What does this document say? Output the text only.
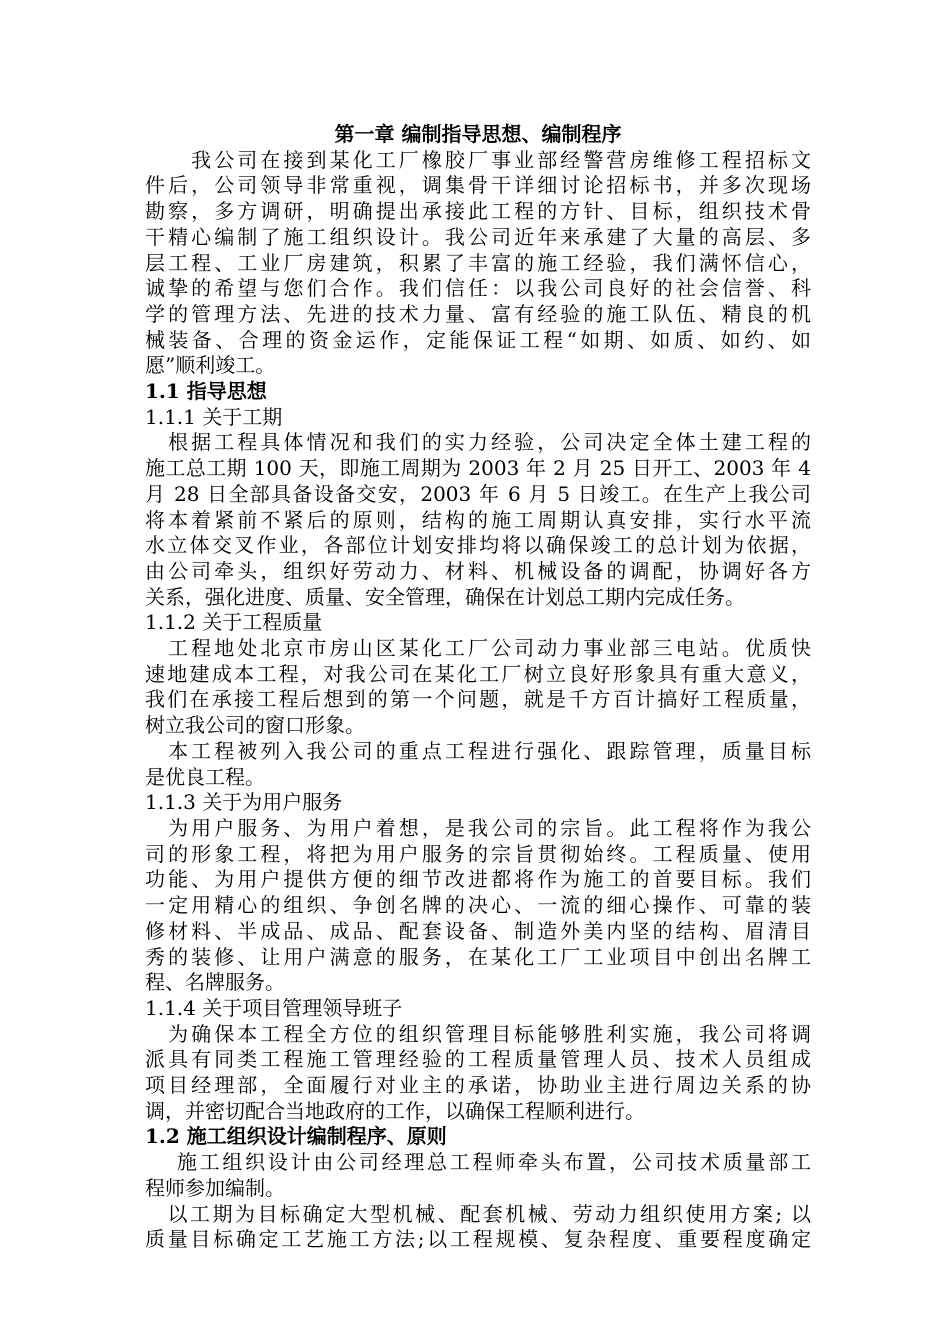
第一章 编制指导思想、编制程序
　　我公司在接到某化工厂橡胶厂事业部经警营房维修工程招标文
件后，公司领导非常重视，调集骨干详细讨论招标书，并多次现场
勘察，多方调研，明确提出承接此工程的方针、目标，组织技术骨
干精心编制了施工组织设计。我公司近年来承建了大量的高层、多
层工程、工业厂房建筑，积累了丰富的施工经验，我们满怀信心，
诚挚的希望与您们合作。我们信任：以我公司良好的社会信誉、科
学的管理方法、先进的技术力量、富有经验的施工队伍、精良的机
械装备、合理的资金运作，定能保证工程“如期、如质、如约、如
愿”顺利竣工。
1.1 指导思想
1.1.1 关于工期
　根据工程具体情况和我们的实力经验，公司决定全体土建工程的
施工总工期 100 天，即施工周期为 2003 年 2 月 25 日开工、2003 年 4
月 28 日全部具备设备交安，2003 年 6 月 5 日竣工。在生产上我公司
将本着紧前不紧后的原则，结构的施工周期认真安排，实行水平流
水立体交叉作业，各部位计划安排均将以确保竣工的总计划为依据，
由公司牵头，组织好劳动力、材料、机械设备的调配，协调好各方
关系，强化进度、质量、安全管理，确保在计划总工期内完成任务。
1.1.2 关于工程质量
　工程地处北京市房山区某化工厂公司动力事业部三电站。优质快
速地建成本工程，对我公司在某化工厂树立良好形象具有重大意义，
我们在承接工程后想到的第一个问题，就是千方百计搞好工程质量，
树立我公司的窗口形象。
　本工程被列入我公司的重点工程进行强化、跟踪管理，质量目标
是优良工程。
1.1.3 关于为用户服务
　为用户服务、为用户着想，是我公司的宗旨。此工程将作为我公
司的形象工程，将把为用户服务的宗旨贯彻始终。工程质量、使用
功能、为用户提供方便的细节改进都将作为施工的首要目标。我们
一定用精心的组织、争创名牌的决心、一流的细心操作、可靠的装
修材料、半成品、成品、配套设备、制造外美内坚的结构、眉清目
秀的装修、让用户满意的服务，在某化工厂工业项目中创出名牌工
程、名牌服务。
1.1.4 关于项目管理领导班子
　为确保本工程全方位的组织管理目标能够胜利实施，我公司将调
派具有同类工程施工管理经验的工程质量管理人员、技术人员组成
项目经理部，全面履行对业主的承诺，协助业主进行周边关系的协
调，并密切配合当地政府的工作，以确保工程顺利进行。
1.2 施工组织设计编制程序、原则
　 施工组织设计由公司经理总工程师牵头布置，公司技术质量部工
程师参加编制。
　以工期为目标确定大型机械、配套机械、劳动力组织使用方案; 以
质量目标确定工艺施工方法;以工程规模、复杂程度、重要程度确定
